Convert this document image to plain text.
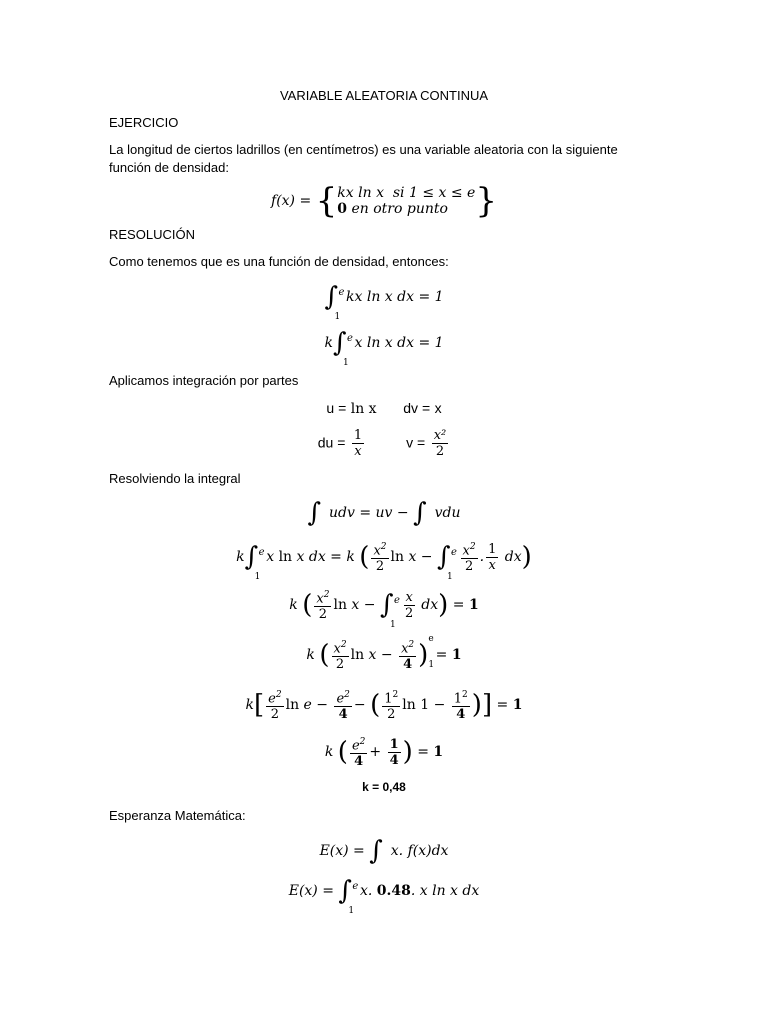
VARIABLE ALEATORIA CONTINUA
EJERCICIO
La longitud de ciertos ladrillos (en centímetros) es una variable aleatoria con la siguiente
función de densidad:
f(x) = { kx ln x si 1 ≤ x ≤ e
0 en otro punto }
RESOLUCIÓN
Como tenemos que es una función de densidad, entonces:
∫ e
1
kx ln x dx = 1
k∫ e
1
x ln x dx = 1
Aplicamos integración por partes
u = ln x dv = x
du = $\frac{1}{x}$	$v = \frac{\text{x²}}{2}$
Resolviendo la integral
∫ udv = uv − ∫ vdu
k∫ e
1
x ln x dx = k ( $\frac{x^2}{2}$ ln x − ∫ e
1
$\frac{x^2}{2}$ . $\frac{1}{x} dx$)
k ( $\frac{x^2}{2}$ ln x − ∫ e
1
$\frac{x}{2} dx) = 1$
k ( $\frac{x^2}{2}$ $\ln x - \frac{x^2}{4}$ )
e
1
= 1
$k[ \frac{e^2}{2}$ $\ln e - \frac{e^2}{4}$ − ( $\frac{1^2}{2}$ $\ln 1 - \frac{1^2}{4}$ )] = 1
k ( $\frac{e^2}{4} + \frac{1}{4}$ ) = 1
k = 0,48
Esperanza Matemática:
E(x) = ∫ x. f(x)dx
E(x) = ∫ e
1
x. 0.48. x ln x dx
